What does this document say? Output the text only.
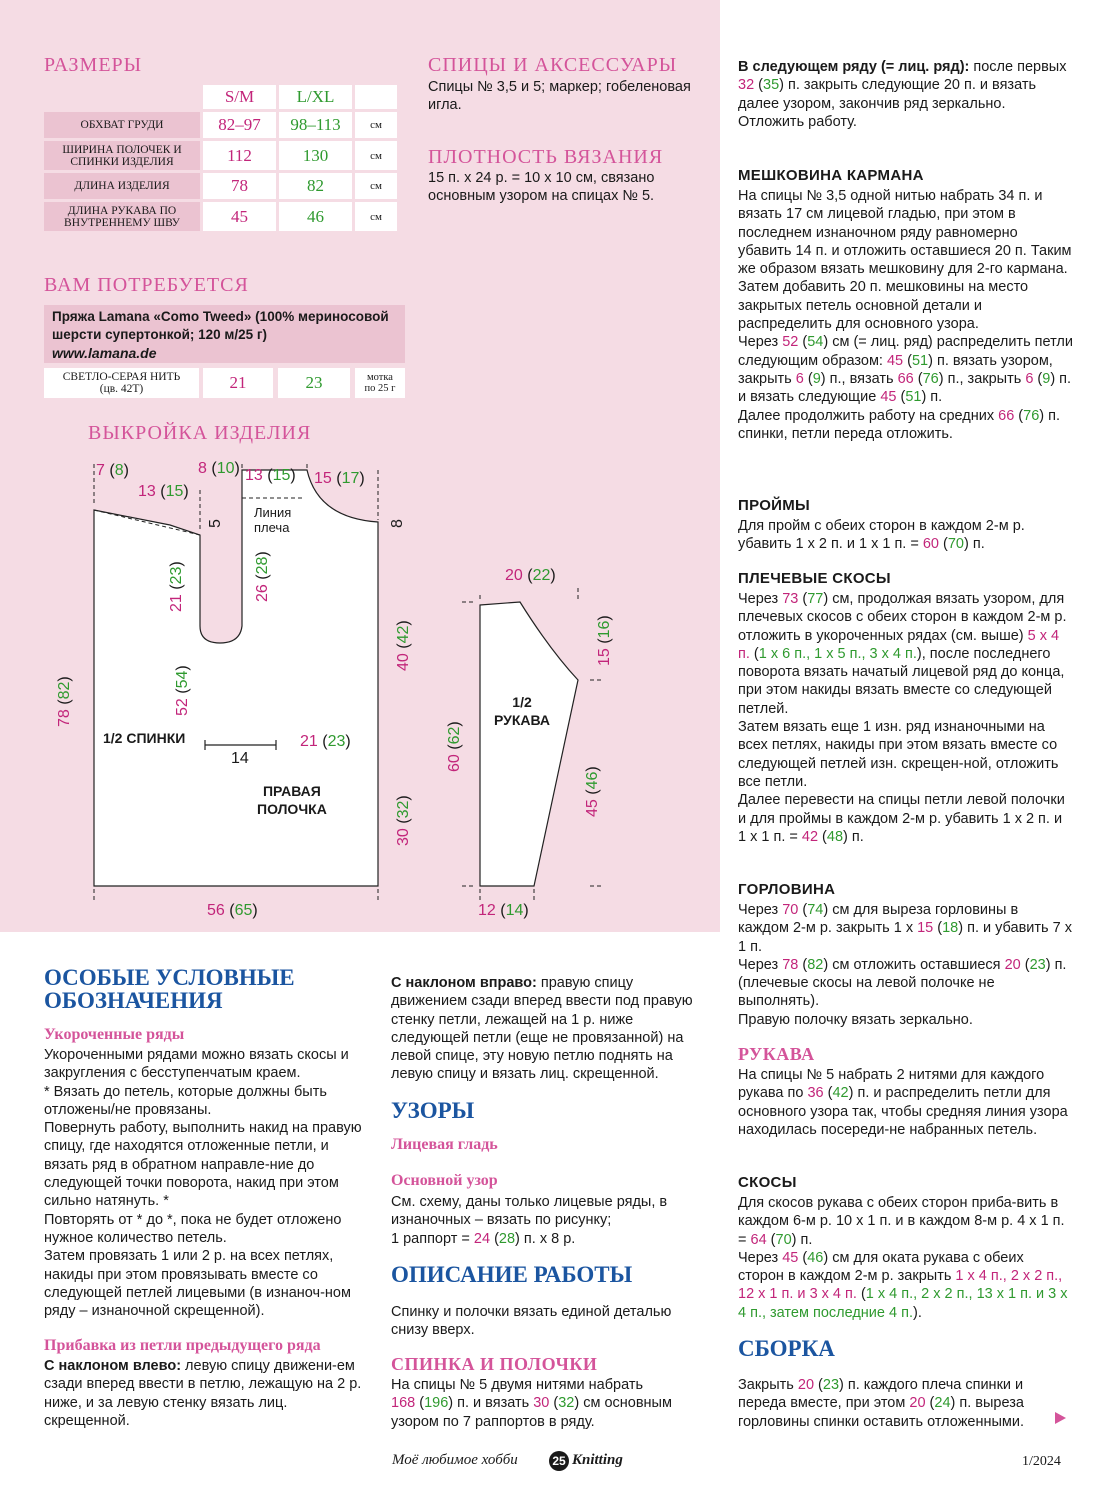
РАЗМЕРЫ
	S/M	L/XL	
ОБХВАТ ГРУДИ	82–97	98–113	см
ШИРИНА ПОЛОЧЕК И СПИНКИ ИЗДЕЛИЯ	112	130	см
ДЛИНА ИЗДЕЛИЯ	78	82	см
ДЛИНА РУКАВА ПО ВНУТРЕННЕМУ ШВУ	45	46	см
СПИЦЫ И АКСЕССУАРЫ
Спицы № 3,5 и 5; маркер; гобеленовая игла.
ПЛОТНОСТЬ ВЯЗАНИЯ
15 п. х 24 р. = 10 х 10 см, связано основным узором на спицах № 5.
ВАМ ПОТРЕБУЕТСЯ
Пряжа Lamana «Como Tweed» (100% мериносовой
шерсти супертонкой; 120 м/25 г)
www.lamana.de
СВЕТЛО-СЕРАЯ НИТЬ
(цв. 42T)	21	23	мотка
по 25 г
ВЫКРОЙКА ИЗДЕЛИЯ
7 (8)	8 (10)
13 (15)
13 (15) 15 (17)
5	8
Линия
плеча
21 (23)
26 (28)
52 (54)
78 (82)
40 (42)
1/2 СПИНКИ	21 (23)
14
ПРАВАЯ
ПОЛОЧКА
30 (32)
56 (65)
20 (22)
15 (16)
1/2
РУКАВА
60 (62)
45 (46)
12 (14)
ОСОБЫЕ УСЛОВНЫЕ
ОБОЗНАЧЕНИЯ
Укороченные ряды
Укороченными рядами можно вязать скосы и закругления с бесступенчатым краем.
* Вязать до петель, которые должны быть отложены/не провязаны.
Повернуть работу, выполнить накид на правую спицу, где находятся отложенные петли, и вязать ряд в обратном направле-ние до следующей точки поворота, накид при этом сильно натянуть. *
Повторять от * до *, пока не будет отложено нужное количество петель.
Затем провязать 1 или 2 р. на всех петлях, накиды при этом провязывать вместе со следующей петлей лицевыми (в изнаноч-ном ряду – изнаночной скрещенной).
Прибавка из петли предыдущего ряда
С наклоном влево: левую спицу движени-ем сзади вперед ввести в петлю, лежащую на 2 р. ниже, и за левую стенку вязать лиц. скрещенной.
С наклоном вправо: правую спицу движением сзади вперед ввести под правую стенку петли, лежащей на 1 р. ниже следующей петли (еще не провязанной) на левой спице, эту новую петлю поднять на левую спицу и вязать лиц. скрещенной.
УЗОРЫ
Лицевая гладь
Основной узор
См. схему, даны только лицевые ряды, в изнаночных – вязать по рисунку;
1 раппорт = 24 (28) п. х 8 р.
ОПИСАНИЕ РАБОТЫ
Спинку и полочки вязать единой деталью снизу вверх.
СПИНКА И ПОЛОЧКИ
На спицы № 5 двумя нитями набрать
168 (196) п. и вязать 30 (32) см основным
узором по 7 раппортов в ряду.
В следующем ряду (= лиц. ряд): после первых 32 (35) п. закрыть следующие 20 п. и вязать далее узором, закончив ряд зеркально.
Отложить работу.
МЕШКОВИНА КАРМАНА
На спицы № 3,5 одной нитью набрать 34 п. и вязать 17 см лицевой гладью, при этом в последнем изнаночном ряду равномерно убавить 14 п. и отложить оставшиеся 20 п. Таким же образом вязать мешковину для 2-го кармана.
Затем добавить 20 п. мешковины на место закрытых петель основной детали и распределить для основного узора.
Через 52 (54) см (= лиц. ряд) распределить петли следующим образом: 45 (51) п. вязать узором, закрыть 6 (9) п., вязать 66 (76) п., закрыть 6 (9) п. и вязать следующие 45 (51) п.
Далее продолжить работу на средних 66 (76) п. спинки, петли переда отложить.
ПРОЙМЫ
Для пройм с обеих сторон в каждом 2-м р. убавить 1 х 2 п. и 1 х 1 п. = 60 (70) п.
ПЛЕЧЕВЫЕ СКОСЫ
Через 73 (77) см, продолжая вязать узором, для плечевых скосов с обеих сторон в каждом 2-м р. отложить в укороченных рядах (см. выше) 5 х 4 п. (1 х 6 п., 1 х 5 п., 3 х 4 п.), после последнего поворота вязать начатый лицевой ряд до конца, при этом накиды вязать вместе со следующей петлей.
Затем вязать еще 1 изн. ряд изнаночными на всех петлях, накиды при этом вязать вместе со следующей петлей изн. скрещен-ной, отложить все петли.
Далее перевести на спицы петли левой полочки и для проймы в каждом 2-м р. убавить 1 х 2 п. и 1 х 1 п. = 42 (48) п.
ГОРЛОВИНА
Через 70 (74) см для выреза горловины в каждом 2-м р. закрыть 1 х 15 (18) п. и убавить 7 х 1 п.
Через 78 (82) см отложить оставшиеся 20 (23) п. (плечевые скосы на левой полочке не выполнять).
Правую полочку вязать зеркально.
РУКАВА
На спицы № 5 набрать 2 нитями для каждого рукава по 36 (42) п. и распределить петли для основного узора так, чтобы средняя линия узора находилась посереди-не набранных петель.
СКОСЫ
Для скосов рукава с обеих сторон приба-вить в каждом 6-м р. 10 х 1 п. и в каждом 8-м р. 4 х 1 п. = 64 (70) п.
Через 45 (46) см для оката рукава с обеих сторон в каждом 2-м р. закрыть 1 х 4 п., 2 х 2 п., 12 х 1 п. и 3 х 4 п. (1 х 4 п., 2 х 2 п., 13 х 1 п. и 3 х 4 п., затем последние 4 п.).
СБОРКА
Закрыть 20 (23) п. каждого плеча спинки и переда вместе, при этом 20 (24) п. выреза горловины спинки оставить отложенными.
Моё любимое хобби	25 Knitting	1/2024
